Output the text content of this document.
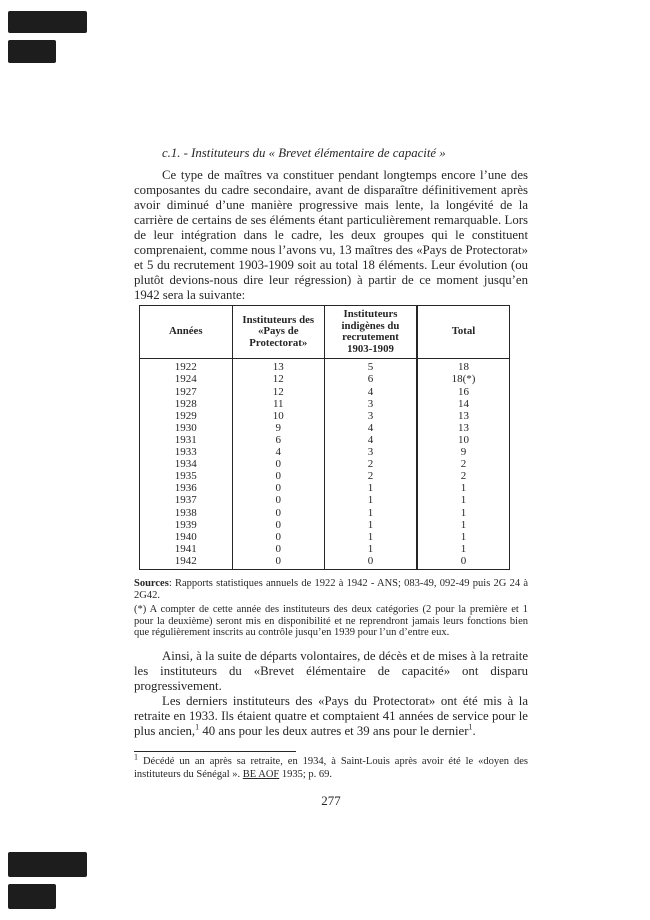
c.1. - Instituteurs du « Brevet élémentaire de capacité »

Ce type de maîtres va constituer pendant longtemps encore l’une des composantes du cadre secondaire, avant de disparaître définitivement après avoir diminué d’une manière progressive mais lente, la longévité de la carrière de certains de ses éléments étant particulièrement remarquable. Lors de leur intégration dans le cadre, les deux groupes qui le constituent comprenaient, comme nous l’avons vu, 13 maîtres des «Pays de Protectorat» et 5 du recrutement 1903-1909 soit au total 18 éléments. Leur évolution (ou plutôt devions-nous dire leur régression) à partir de ce moment jusqu’en 1942 sera la suivante:

Années	Instituteurs des «Pays de Protectorat»	Instituteurs indigènes du recrutement 1903-1909	Total
1922	13	5	18
1924	12	6	18(*)
1927	12	4	16
1928	11	3	14
1929	10	3	13
1930	9	4	13
1931	6	4	10
1933	4	3	9
1934	0	2	2
1935	0	2	2
1936	0	1	1
1937	0	1	1
1938	0	1	1
1939	0	1	1
1940	0	1	1
1941	0	1	1
1942	0	0	0

Sources: Rapports statistiques annuels de 1922 à 1942 - ANS; 083-49, 092-49 puis 2G 24 à 2G42.

(*) A compter de cette année des instituteurs des deux catégories (2 pour la première et 1 pour la deuxième) seront mis en disponibilité et ne reprendront jamais leurs fonctions bien que régulièrement inscrits au contrôle jusqu’en 1939 pour l’un d’entre eux.

Ainsi, à la suite de départs volontaires, de décès et de mises à la retraite les instituteurs du «Brevet élémentaire de capacité» ont disparu progressivement.

Les derniers instituteurs des «Pays du Protectorat» ont été mis à la retraite en 1933. Ils étaient quatre et comptaient 41 années de service pour le plus ancien,$^1$ 40 ans pour les deux autres et 39 ans pour le dernier$^1$.

$^1$ Décédé un an après sa retraite, en 1934, à Saint-Louis après avoir été le «doyen des instituteurs du Sénégal ». BE AOF 1935; p. 69.

277
